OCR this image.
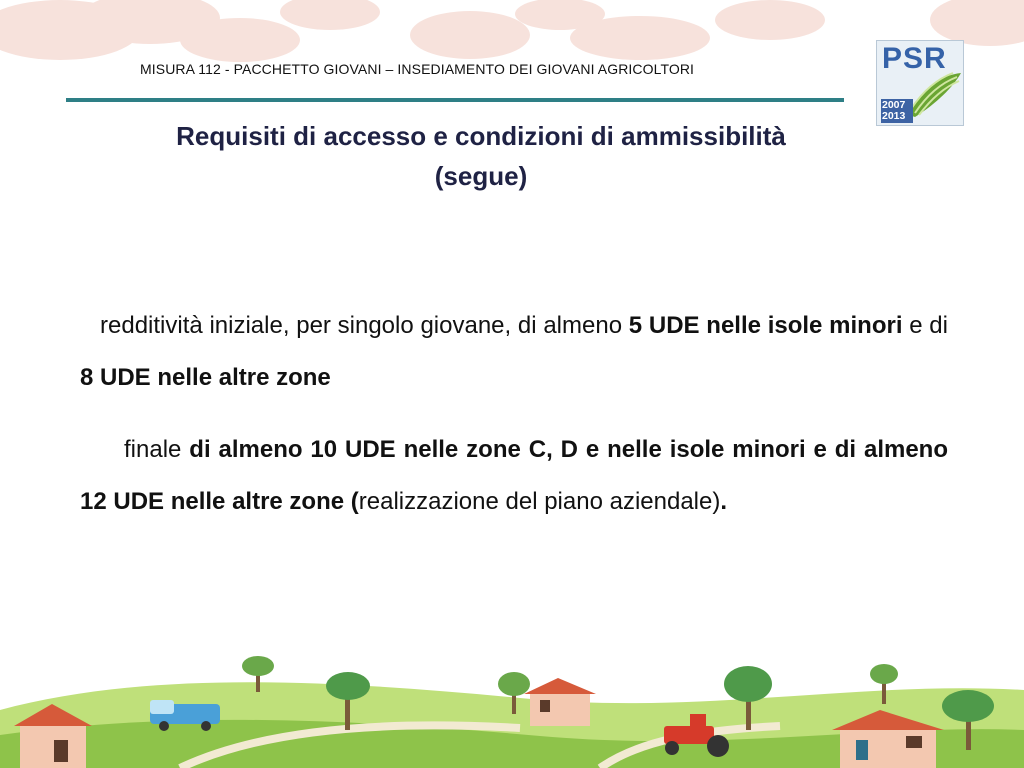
MISURA 112 - PACCHETTO GIOVANI – INSEDIAMENTO DEI GIOVANI AGRICOLTORI	PSR
2007
2013
Requisiti di accesso e condizioni di ammissibilità
(segue)
redditività iniziale, per singolo giovane, di almeno 5 UDE nelle isole minori e di 8 UDE nelle altre zone
finale di almeno 10 UDE nelle zone C, D e nelle isole minori e di almeno 12 UDE nelle altre zone (realizzazione del piano aziendale).
